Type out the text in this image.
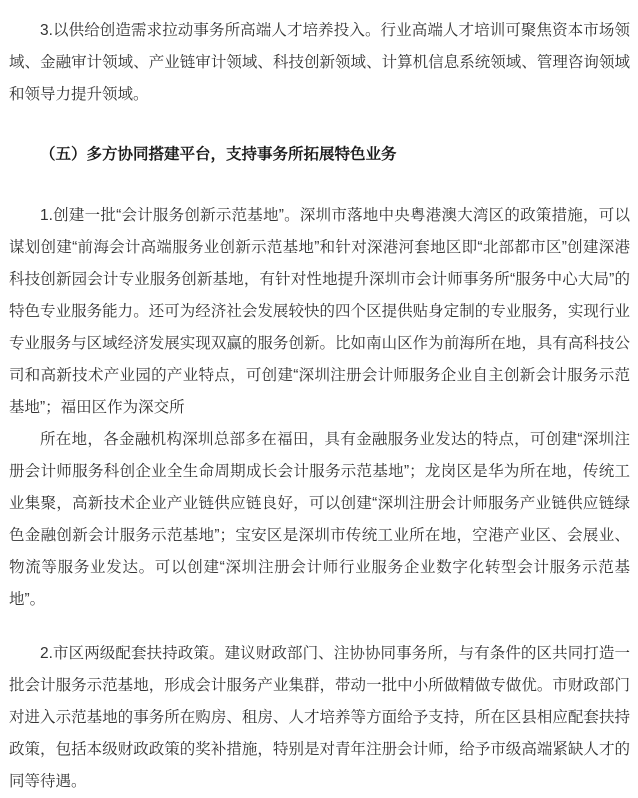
3.以供给创造需求拉动事务所高端人才培养投入。行业高端人才培训可聚焦资本市场领域、金融审计领域、产业链审计领域、科技创新领域、计算机信息系统领域、管理咨询领域和领导力提升领域。

（五）多方协同搭建平台，支持事务所拓展特色业务

1.创建一批“会计服务创新示范基地”。深圳市落地中央粤港澳大湾区的政策措施，可以谋划创建“前海会计高端服务业创新示范基地”和针对深港河套地区即“北部都市区”创建深港科技创新园会计专业服务创新基地，有针对性地提升深圳市会计师事务所“服务中心大局”的特色专业服务能力。还可为经济社会发展较快的四个区提供贴身定制的专业服务，实现行业专业服务与区域经济发展实现双赢的服务创新。比如南山区作为前海所在地，具有高科技公司和高新技术产业园的产业特点，可创建“深圳注册会计师服务企业自主创新会计服务示范基地”；福田区作为深交所

所在地，各金融机构深圳总部多在福田，具有金融服务业发达的特点，可创建“深圳注册会计师服务科创企业全生命周期成长会计服务示范基地”；龙岗区是华为所在地，传统工业集聚，高新技术企业产业链供应链良好，可以创建“深圳注册会计师服务产业链供应链绿色金融创新会计服务示范基地”；宝安区是深圳市传统工业所在地，空港产业区、会展业、物流等服务业发达。可以创建“深圳注册会计师行业服务企业数字化转型会计服务示范基地”。

2.市区两级配套扶持政策。建议财政部门、注协协同事务所，与有条件的区共同打造一批会计服务示范基地，形成会计服务产业集群，带动一批中小所做精做专做优。市财政部门对进入示范基地的事务所在购房、租房、人才培养等方面给予支持，所在区县相应配套扶持政策，包括本级财政政策的奖补措施，特别是对青年注册会计师，给予市级高端紧缺人才的同等待遇。
